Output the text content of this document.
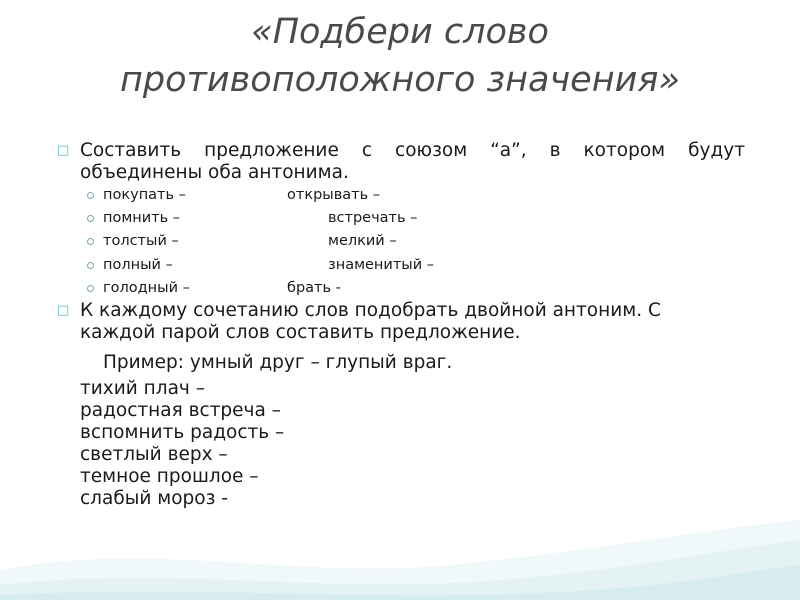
«Подбери слово
противоположного значения»
□ Составить предложение с союзом “а”, в котором будут
объединены оба антонима.
покупать –	открывать –
помнить –	встречать –
толстый –	мелкий –
полный –	знаменитый –
голодный –	брать -
□ К каждому сочетанию слов подобрать двойной антоним. С
каждой парой слов составить предложение.
Пример: умный друг – глупый враг.
тихий плач –
радостная встреча –
вспомнить радость –
светлый верх –
темное прошлое –
слабый мороз -
